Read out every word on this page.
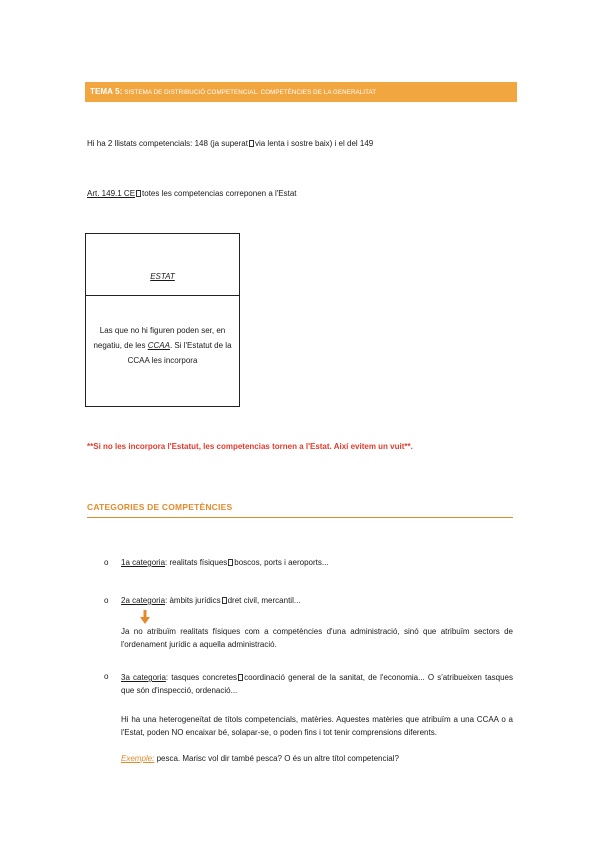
TEMA 5: SISTEMA DE DISTRIBUCIÓ COMPETENCIAL. COMPETÈNCIES DE LA GENERALITAT
Hi ha 2 llistats competencials: 148 (ja superat via lenta i sostre baix) i el del 149
Art. 149.1 CE totes les competencias correponen a l'Estat
ESTAT
Las que no hi figuren poden ser, en negatiu, de les CCAA. Si l'Estatut de la CCAA les incorpora
**Si no les incorpora l'Estatut, les competencias tornen a l'Estat. Així evitem un vuit**.
CATEGORIES DE COMPETÈNCIES
o 1a categoria: realitats físiques boscos, ports i aeroports...
o 2a categoria: àmbits jurídics dret civil, mercantil...
Ja no atribuïm realitats físiques com a competències d'una administració, sinó que atribuïm sectors de l'ordenament jurídic a aquella administració.
o 3a categoria: tasques concretes coordinació general de la sanitat, de l'economia... O s'atribueixen tasques que són d'inspecció, ordenació...
Hi ha una heterogeneïtat de títols competencials, matèries. Aquestes matèries que atribuïm a una CCAA o a l'Estat, poden NO encaixar bé, solapar-se, o poden fins i tot tenir comprensions diferents.
Exemple: pesca. Marisc vol dir també pesca? O és un altre títol competencial?
